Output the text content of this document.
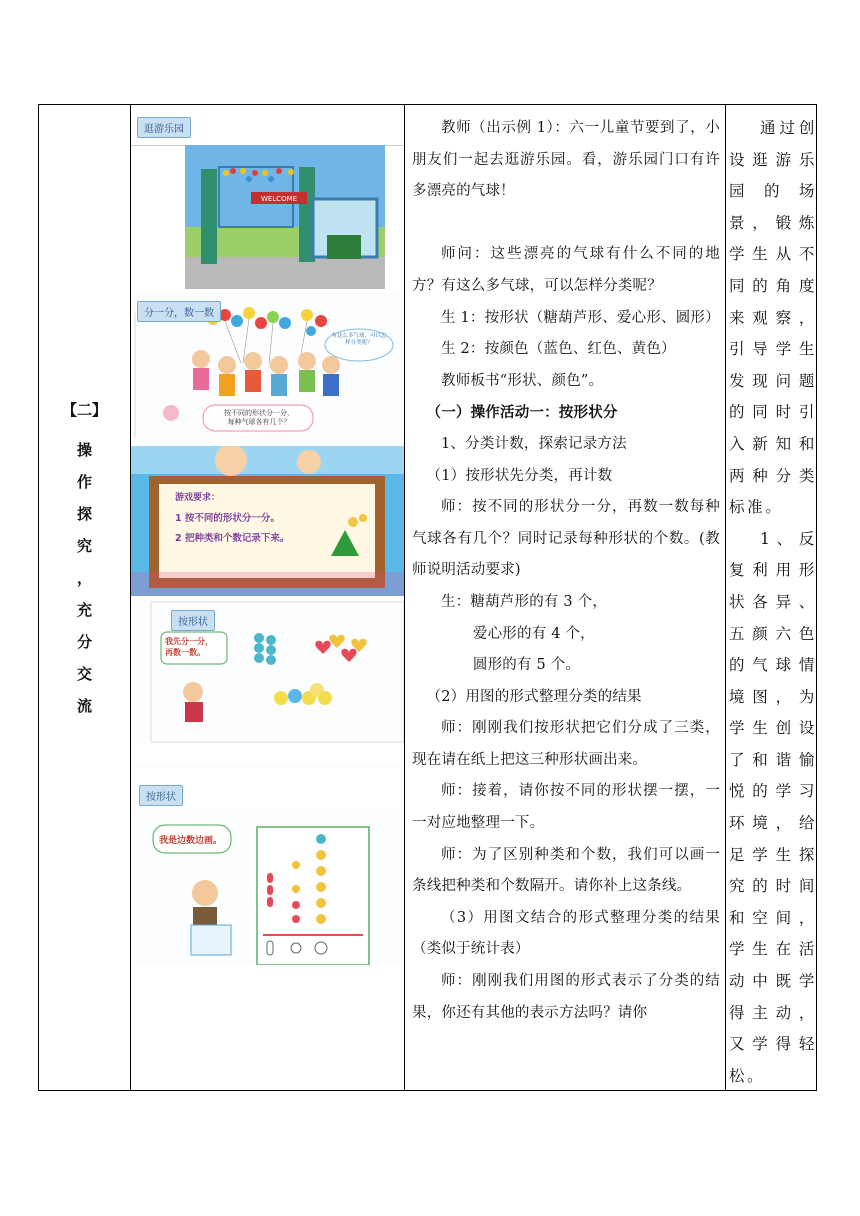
【二】
操
作
探
究
，
充
分
交
流
WELCOME
逛游乐园
分一分，数一数
有这么多气球，可以怎样分类呢？
按不同的形状分一分，
每种气球各有几个？
游戏要求：
1 按不同的形状分一分。
2 把种类和个数记录下来。
按形状
我先分一分，
再数一数。
按形状
我是边数边画。

教师（出示例 1）：六一儿童节要到了，小朋友们一起去逛游乐园。看，游乐园门口有许多漂亮的气球！

师问：这些漂亮的气球有什么不同的地方？有这么多气球，可以怎样分类呢？

生 1：按形状（糖葫芦形、爱心形、圆形）

生 2：按颜色（蓝色、红色、黄色）

教师板书“形状、颜色”。

（一）操作活动一：按形状分

1、分类计数，探索记录方法

（1）按形状先分类，再计数

师：按不同的形状分一分，再数一数每种气球各有几个？同时记录每种形状的个数。(教师说明活动要求)

生：糖葫芦形的有 3 个，

爱心形的有 4 个，

圆形的有 5 个。

（2）用图的形式整理分类的结果

师：刚刚我们按形状把它们分成了三类，现在请在纸上把这三种形状画出来。

师：接着，请你按不同的形状摆一摆，一一对应地整理一下。

师：为了区别种类和个数，我们可以画一条线把种类和个数隔开。请你补上这条线。

（3）用图文结合的形式整理分类的结果（类似于统计表）

师：刚刚我们用图的形式表示了分类的结果，你还有其他的表示方法吗？请你

通过创设逛游乐园的场景，锻炼学生从不同的角度来观察，引导学生发现问题的同时引入新知和两种分类标准。

1、反复利用形状各异、五颜六色的气球情境图，为学生创设了和谐愉悦的学习环境，给足学生探究的时间和空间，学生在活动中既学得主动，又学得轻松。
